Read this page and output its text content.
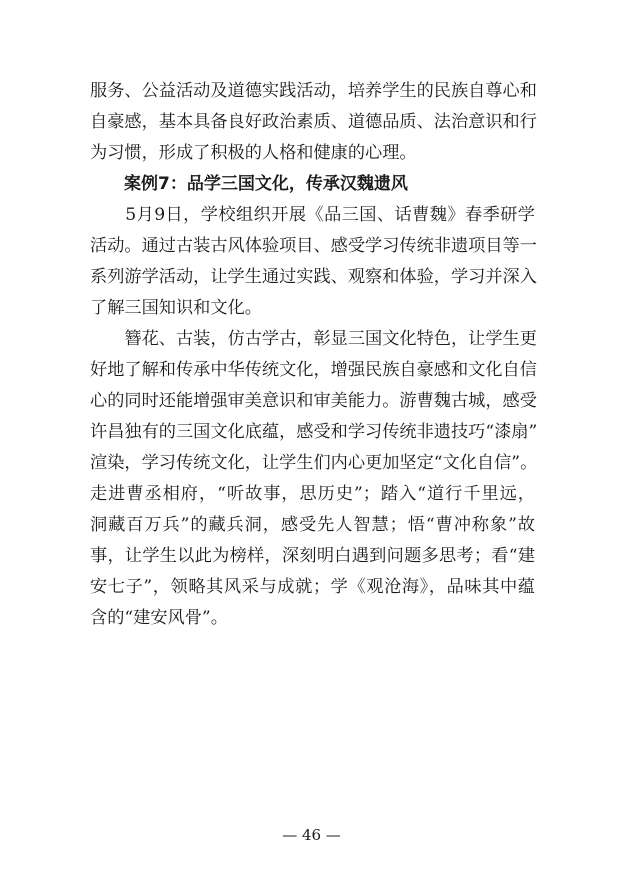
服务、公益活动及道德实践活动，培养学生的民族自尊心和
自豪感，基本具备良好政治素质、道德品质、法治意识和行
为习惯，形成了积极的人格和健康的心理。
案例7：品学三国文化，传承汉魏遗风
　　5月9日，学校组织开展《品三国、话曹魏》春季研学
活动。通过古装古风体验项目、感受学习传统非遗项目等一
系列游学活动，让学生通过实践、观察和体验，学习并深入
了解三国知识和文化。
　　簪花、古装，仿古学古，彰显三国文化特色，让学生更
好地了解和传承中华传统文化，增强民族自豪感和文化自信
心的同时还能增强审美意识和审美能力。游曹魏古城，感受
许昌独有的三国文化底蕴，感受和学习传统非遗技巧“漆扇”
渲染，学习传统文化，让学生们内心更加坚定“文化自信”。
走进曹丞相府，“听故事，思历史”；踏入“道行千里远，
洞藏百万兵”的藏兵洞，感受先人智慧；悟“曹冲称象”故
事，让学生以此为榜样，深刻明白遇到问题多思考；看“建
安七子”，领略其风采与成就；学《观沧海》，品味其中蕴
含的“建安风骨”。
— 46 —
